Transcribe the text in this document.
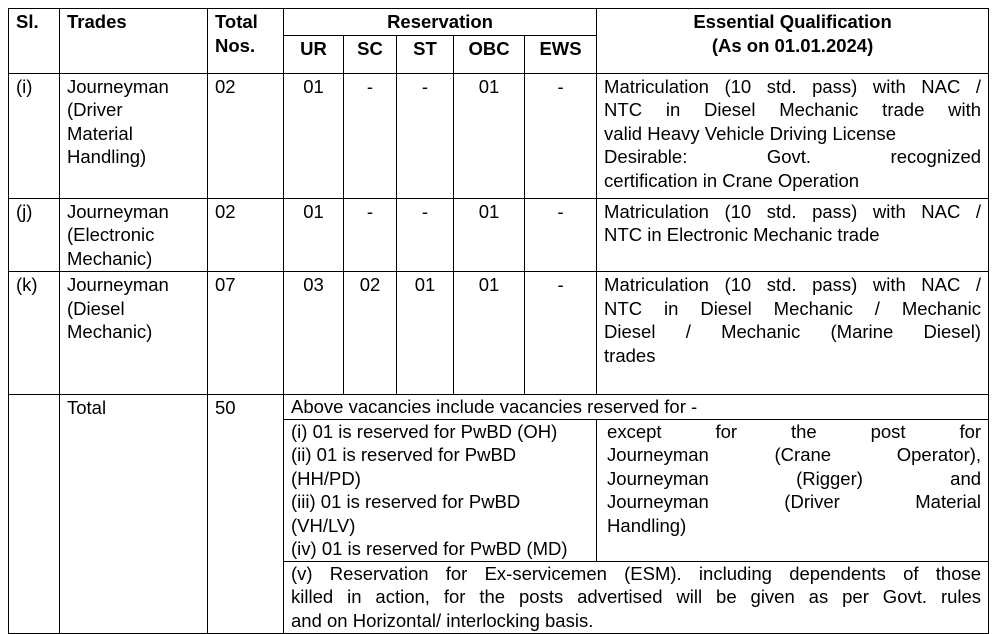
Sl.	Trades	Total
Nos.	Reservation					Essential Qualification
(As on 01.01.2024)

			UR	SC	ST	OBC	EWS	
(i)	Journeyman
(Driver
Material
Handling)	02	01	-	-	01	-	Matriculation (10 std. pass) with NAC /
NTC in Diesel Mechanic trade with
valid Heavy Vehicle Driving License
Desirable: Govt. recognized
certification in Crane Operation

(j)	Journeyman
(Electronic
Mechanic)	02	01	-	-	01	-	Matriculation (10 std. pass) with NAC /
NTC in Electronic Mechanic trade

(k)	Journeyman
(Diesel
Mechanic)	07	03	02	01	01	-	Matriculation (10 std. pass) with NAC /
NTC in Diesel Mechanic / Mechanic
Diesel / Mechanic (Marine Diesel)
trades

	Total	50	Above vacancies include vacancies reserved for -					

			(i) 01 is reserved for PwBD (OH)
(ii) 01 is reserved for PwBD (HH/PD)
(iii) 01 is reserved for PwBD (VH/LV)
(iv) 01 is reserved for PwBD (MD)					except for the post for
Journeyman (Crane Operator),
Journeyman (Rigger) and
Journeyman (Driver Material
Handling)

			(v) Reservation for Ex-servicemen (ESM). including dependents of those
killed in action, for the posts advertised will be given as per Govt. rules
and on Horizontal/ interlocking basis.					
